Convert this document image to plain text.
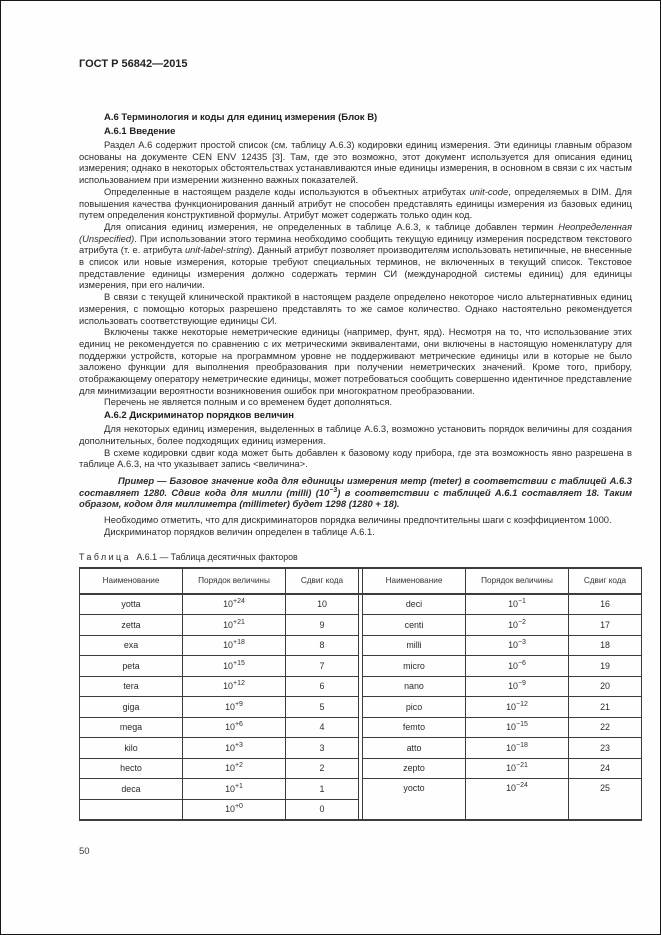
ГОСТ Р 56842—2015
А.6 Терминология и коды для единиц измерения (Блок B)
А.6.1 Введение

Раздел А.6 содержит простой список (см. таблицу А.6.3) кодировки единиц измерения. Эти единицы главным образом основаны на документе CEN ENV 12435 [3]. Там, где это возможно, этот документ используется для описания единиц измерения; однако в некоторых обстоятельствах устанавливаются иные единицы измерения, в основном в связи с их частым использованием при измерении жизненно важных показателей.

Определенные в настоящем разделе коды используются в объектных атрибутах unit-code, определяемых в DIM. Для повышения качества функционирования данный атрибут не способен представлять единицы измерения из базовых единиц путем определения конструктивной формулы. Атрибут может содержать только один код.

Для описания единиц измерения, не определенных в таблице А.6.3, к таблице добавлен термин Неопределенная (Unspecified). При использовании этого термина необходимо сообщить текущую единицу измерения посредством текстового атрибута (т. е. атрибута unit-label-string). Данный атрибут позволяет производителям использовать нетипичные, не внесенные в список или новые измерения, которые требуют специальных терминов, не включенных в текущий список. Текстовое представление единицы измерения должно содержать термин СИ (международной системы единиц) для единицы измерения, при его наличии.

В связи с текущей клинической практикой в настоящем разделе определено некоторое число альтернативных единиц измерения, с помощью которых разрешено представлять то же самое количество. Однако настоятельно рекомендуется использовать соответствующие единицы СИ.

Включены также некоторые неметрические единицы (например, фунт, ярд). Несмотря на то, что использование этих единиц не рекомендуется по сравнению с их метрическими эквивалентами, они включены в настоящую номенклатуру для поддержки устройств, которые на программном уровне не поддерживают метрические единицы или в которые не было заложено функции для выполнения преобразования при получении неметрических значений. Кроме того, прибору, отображающему оператору неметрические единицы, может потребоваться сообщить совершенно идентичное представление для минимизации вероятности возникновения ошибок при многократном преобразовании.

Перечень не является полным и со временем будет дополняться.

А.6.2 Дискриминатор порядков величин

Для некоторых единиц измерения, выделенных в таблице А.6.3, возможно установить порядок величины для создания дополнительных, более подходящих единиц измерения.

В схеме кодировки сдвиг кода может быть добавлен к базовому коду прибора, где эта возможность явно разрешена в таблице А.6.3, на что указывает запись <величина>.

Пример — Базовое значение кода для единицы измерения метр (meter) в соответствии с таблицей А.6.3 составляет 1280. Сдвиг кода для милли (milli) $(10^{-3})$ в соответствии с таблицей А.6.1 составляет 18. Таким образом, кодом для миллиметра (millimeter) будет 1298 (1280 + 18).

Необходимо отметить, что для дискриминаторов порядка величины предпочтительны шаги с коэффициентом 1000.

Дискриминатор порядков величин определен в таблице А.6.1.

Таблица А.6.1 — Таблица десятичных факторов
Наименование	Порядок величины	Сдвиг кода		Наименование	Порядок величины	Сдвиг кода
yotta	$10^{+24}$	10		deci	$10^{-1}$	16
zetta	$10^{+21}$	9		centi	$10^{-2}$	17
exa	$10^{+18}$	8		milli	$10^{-3}$	18
peta	$10^{+15}$	7		micro	$10^{-6}$	19
tera	$10^{+12}$	6		nano	$10^{-9}$	20
giga	$10^{+9}$	5		pico	$10^{-12}$	21
mega	$10^{+6}$	4		femto	$10^{-15}$	22
kilo	$10^{+3}$	3		atto	$10^{-18}$	23
hecto	$10^{+2}$	2		zepto	$10^{-21}$	24
deca	$10^{+1}$	1		yocto	$10^{-24}$	25
	$10^{+0}$	0				
50
